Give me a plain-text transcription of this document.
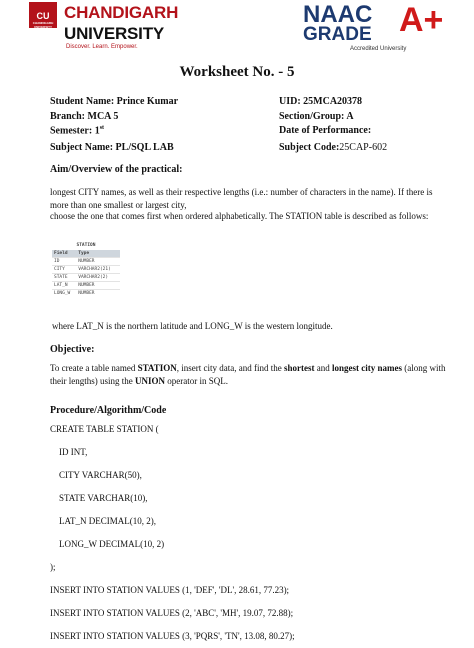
CU
CHANDIGARH UNIVERSITY
CHANDIGARH
UNIVERSITY
Discover. Learn. Empower.
NAAC
GRADE A+
Accredited University
Worksheet No. - 5
Student Name: Prince Kumar	UID: 25MCA20378
Branch: MCA 5	Section/Group: A
Semester: 1st	Date of Performance:
Subject Name: PL/SQL LAB	Subject Code:25CAP-602
Aim/Overview of the practical:
longest CITY names, as well as their respective lengths (i.e.: number of characters in the name). If there is more than one smallest or largest city,
choose the one that comes first when ordered alphabetically. The STATION table is described as follows:
STATION
Field	Type
ID	NUMBER
CITY	VARCHAR2(21)
STATE	VARCHAR2(2)
LAT_N	NUMBER
LONG_W	NUMBER
where LAT_N is the northern latitude and LONG_W is the western longitude.
Objective:
To create a table named STATION, insert city data, and find the shortest and longest city names (along with their lengths) using the UNION operator in SQL.
Procedure/Algorithm/Code
CREATE TABLE STATION (
ID INT,
CITY VARCHAR(50),
STATE VARCHAR(10),
LAT_N DECIMAL(10, 2),
LONG_W DECIMAL(10, 2)
);
INSERT INTO STATION VALUES (1, 'DEF', 'DL', 28.61, 77.23);
INSERT INTO STATION VALUES (2, 'ABC', 'MH', 19.07, 72.88);
INSERT INTO STATION VALUES (3, 'PQRS', 'TN', 13.08, 80.27);
